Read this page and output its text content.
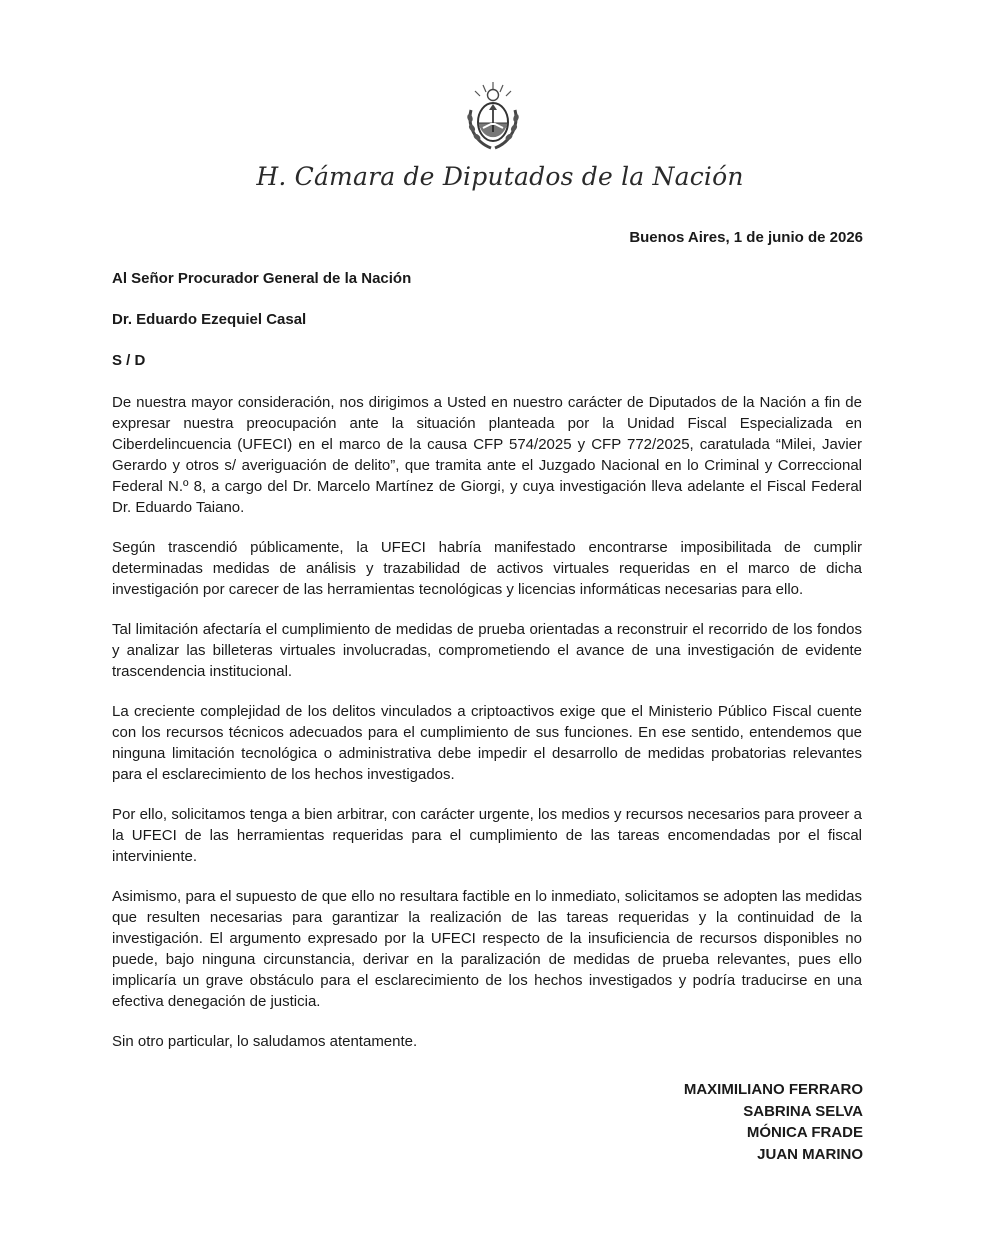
H. Cámara de Diputados de la Nación
Buenos Aires, 1 de junio de 2026
Al Señor Procurador General de la Nación
Dr. Eduardo Ezequiel Casal
S / D

De nuestra mayor consideración, nos dirigimos a Usted en nuestro carácter de Diputados de la Nación a fin de expresar nuestra preocupación ante la situación planteada por la Unidad Fiscal Especializada en Ciberdelincuencia (UFECI) en el marco de la causa CFP 574/2025 y CFP 772/2025, caratulada “Milei, Javier Gerardo y otros s/ averiguación de delito”, que tramita ante el Juzgado Nacional en lo Criminal y Correccional Federal N.º 8, a cargo del Dr. Marcelo Martínez de Giorgi, y cuya investigación lleva adelante el Fiscal Federal Dr. Eduardo Taiano.

Según trascendió públicamente, la UFECI habría manifestado encontrarse imposibilitada de cumplir determinadas medidas de análisis y trazabilidad de activos virtuales requeridas en el marco de dicha investigación por carecer de las herramientas tecnológicas y licencias informáticas necesarias para ello.

Tal limitación afectaría el cumplimiento de medidas de prueba orientadas a reconstruir el recorrido de los fondos y analizar las billeteras virtuales involucradas, comprometiendo el avance de una investigación de evidente trascendencia institucional.

La creciente complejidad de los delitos vinculados a criptoactivos exige que el Ministerio Público Fiscal cuente con los recursos técnicos adecuados para el cumplimiento de sus funciones. En ese sentido, entendemos que ninguna limitación tecnológica o administrativa debe impedir el desarrollo de medidas probatorias relevantes para el esclarecimiento de los hechos investigados.

Por ello, solicitamos tenga a bien arbitrar, con carácter urgente, los medios y recursos necesarios para proveer a la UFECI de las herramientas requeridas para el cumplimiento de las tareas encomendadas por el fiscal interviniente.

Asimismo, para el supuesto de que ello no resultara factible en lo inmediato, solicitamos se adopten las medidas que resulten necesarias para garantizar la realización de las tareas requeridas y la continuidad de la investigación. El argumento expresado por la UFECI respecto de la insuficiencia de recursos disponibles no puede, bajo ninguna circunstancia, derivar en la paralización de medidas de prueba relevantes, pues ello implicaría un grave obstáculo para el esclarecimiento de los hechos investigados y podría traducirse en una efectiva denegación de justicia.

Sin otro particular, lo saludamos atentamente.

MAXIMILIANO FERRARO
SABRINA SELVA
MÓNICA FRADE
JUAN MARINO
